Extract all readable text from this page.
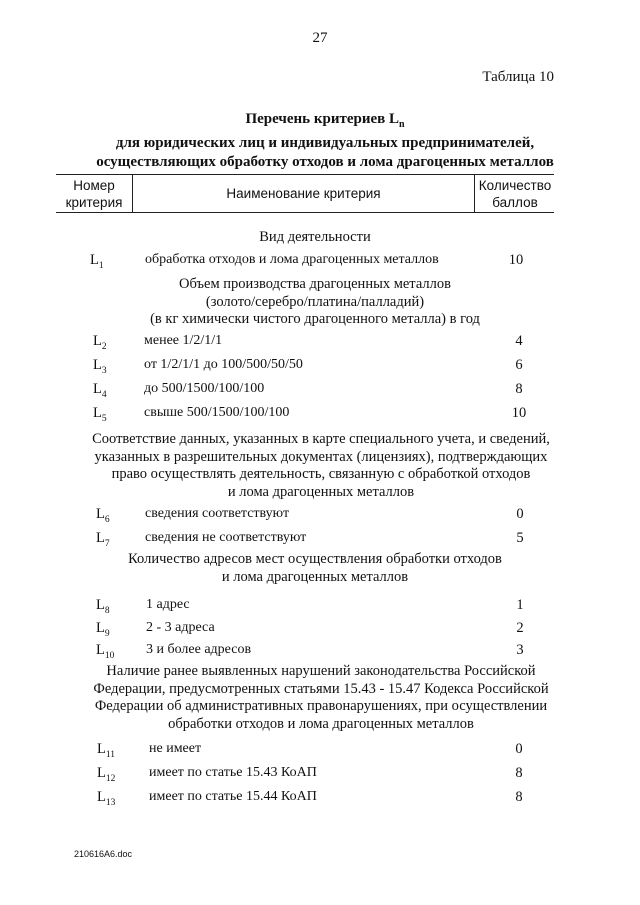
27
Таблица 10
Перечень критериев $L_n$
для юридических лиц и индивидуальных предпринимателей,
осуществляющих обработку отходов и лома драгоценных металлов
Номер
критерия
Наименование критерия
Количество
баллов
Вид деятельности
Объем производства драгоценных металлов
(золото/серебро/платина/палладий)
(в кг химически чистого драгоценного металла) в год
Соответствие данных, указанных в карте специального учета, и сведений,
указанных в разрешительных документах (лицензиях), подтверждающих
право осуществлять деятельность, связанную с обработкой отходов
и лома драгоценных металлов
Количество адресов мест осуществления обработки отходов
и лома драгоценных металлов
Наличие ранее выявленных нарушений законодательства Российской
Федерации, предусмотренных статьями 15.43 - 15.47 Кодекса Российской
Федерации об административных правонарушениях, при осуществлении
обработки отходов и лома драгоценных металлов
$L_1$	обработка отходов и лома драгоценных металлов	10
$L_2$	менее 1/2/1/1	4
$L_3$	от 1/2/1/1 до 100/500/50/50	6
$L_4$	до 500/1500/100/100	8
$L_5$	свыше 500/1500/100/100	10
$L_6$	сведения соответствуют	0
$L_7$	сведения не соответствуют	5
$L_8$	1 адрес	1
$L_9$	2 - 3 адреса	2
$L_{10}$ 3 и более адресов	3
$L_{11}$ не имеет	0
$L_{12}$ имеет по статье 15.43 КоАП	8
$L_{13}$ имеет по статье 15.44 КоАП	8
210616A6.doc
